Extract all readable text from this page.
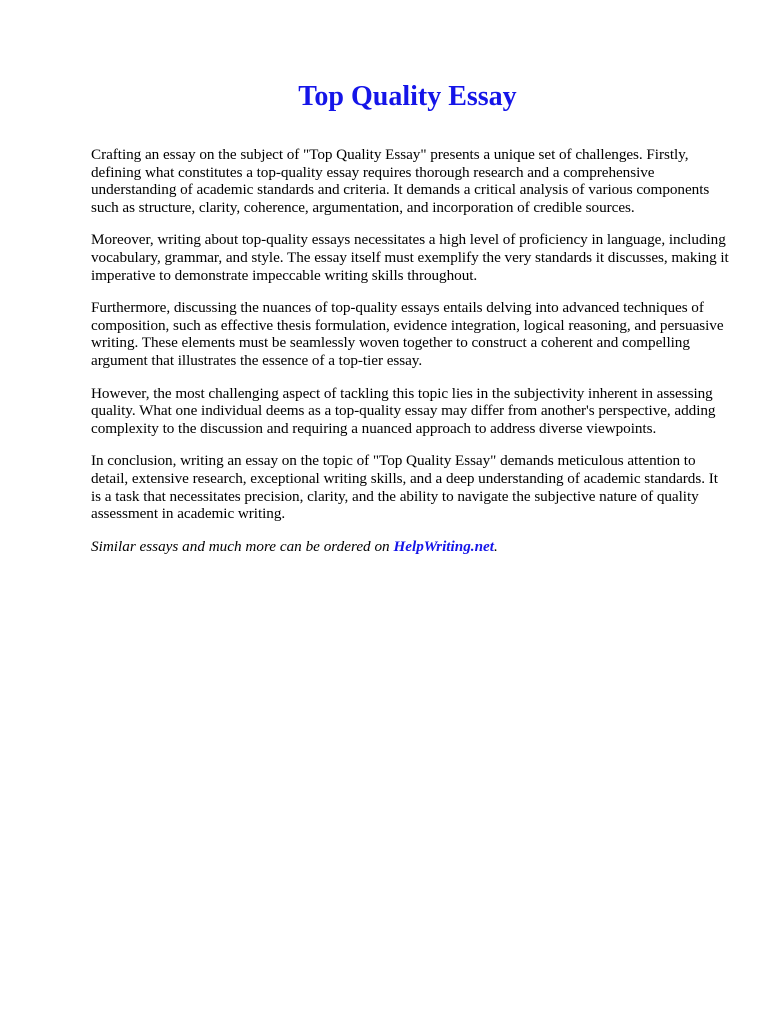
Top Quality Essay

Crafting an essay on the subject of "Top Quality Essay" presents a unique set of challenges. Firstly, defining what constitutes a top-quality essay requires thorough research and a comprehensive understanding of academic standards and criteria. It demands a critical analysis of various components such as structure, clarity, coherence, argumentation, and incorporation of credible sources.

Moreover, writing about top-quality essays necessitates a high level of proficiency in language, including vocabulary, grammar, and style. The essay itself must exemplify the very standards it discusses, making it imperative to demonstrate impeccable writing skills throughout.

Furthermore, discussing the nuances of top-quality essays entails delving into advanced techniques of composition, such as effective thesis formulation, evidence integration, logical reasoning, and persuasive writing. These elements must be seamlessly woven together to construct a coherent and compelling argument that illustrates the essence of a top-tier essay.

However, the most challenging aspect of tackling this topic lies in the subjectivity inherent in assessing quality. What one individual deems as a top-quality essay may differ from another's perspective, adding complexity to the discussion and requiring a nuanced approach to address diverse viewpoints.

In conclusion, writing an essay on the topic of "Top Quality Essay" demands meticulous attention to detail, extensive research, exceptional writing skills, and a deep understanding of academic standards. It is a task that necessitates precision, clarity, and the ability to navigate the subjective nature of quality assessment in academic writing.

Similar essays and much more can be ordered on HelpWriting.net.
